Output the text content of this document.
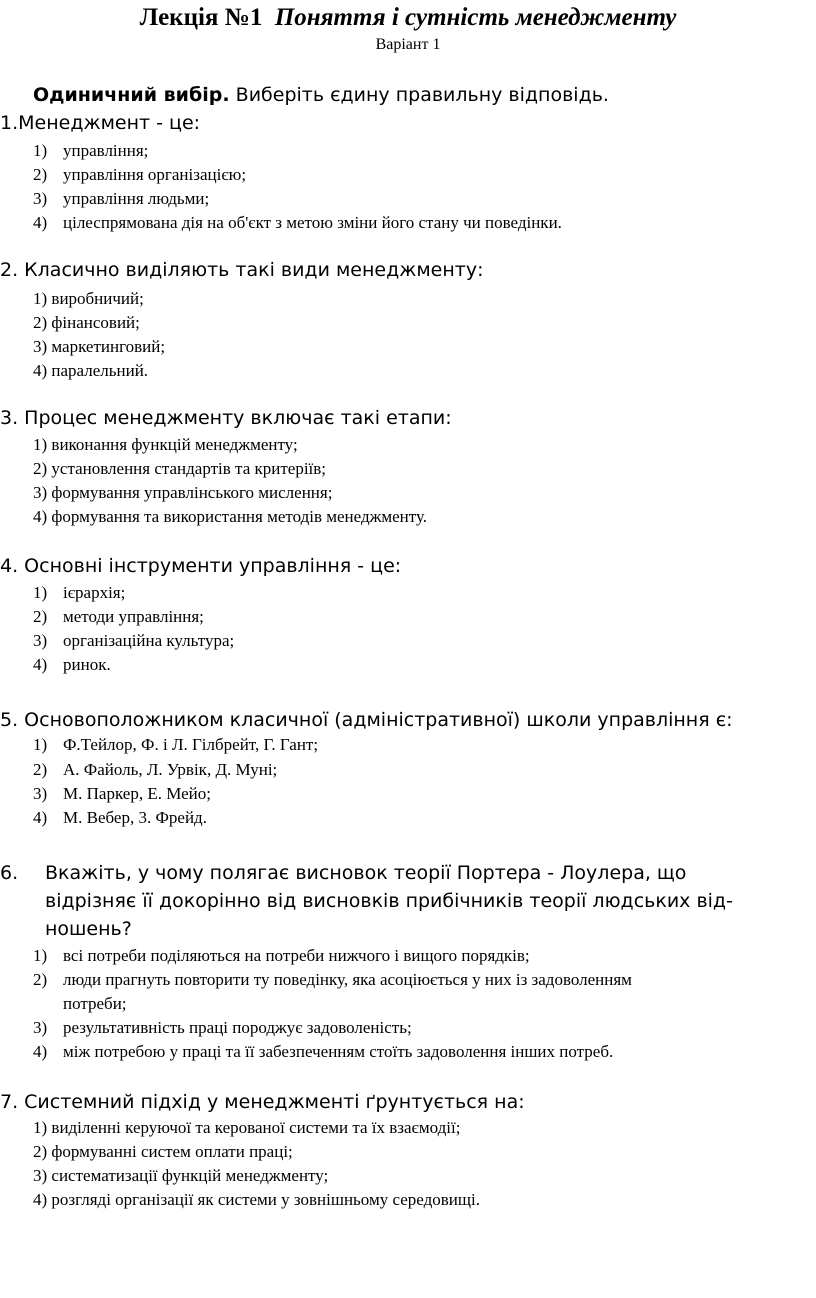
Лекція №1 Поняття і сутність менеджменту
Варіант 1
Одиничний вибір. Виберіть єдину правильну відповідь.
1.Менеджмент - це:
1) управління;
2) управління організацією;
3) управління людьми;
4) цілеспрямована дія на об'єкт з метою зміни його стану чи поведінки.
2. Класично виділяють такі види менеджменту:
1) виробничий;
2) фінансовий;
3) маркетинговий;
4) паралельний.
3. Процес менеджменту включає такі етапи:
1) виконання функцій менеджменту;
2) установлення стандартів та критеріїв;
3) формування управлінського мислення;
4) формування та використання методів менеджменту.
4. Основні інструменти управління - це:
1) ієрархія;
2) методи управління;
3) організаційна культура;
4) ринок.
5. Основоположником класичної (адміністративної) школи управління є:
1) Ф.Тейлор, Ф. і Л. Гілбрейт, Г. Гант;
2) А. Файоль, Л. Урвік, Д. Муні;
3) М. Паркер, Е. Мейо;
4) М. Вебер, 3. Фрейд.
6. Вкажіть, у чому полягає висновок теорії Портера - Лоулера, що
відрізняє її докорінно від висновків прибічників теорії людських від-
ношень?
1) всі потреби поділяються на потреби нижчого і вищого порядків;
2) люди прагнуть повторити ту поведінку, яка асоціюється у них із задоволенням
потреби;
3) результативність праці породжує задоволеність;
4) між потребою у праці та її забезпеченням стоїть задоволення інших потреб.
7. Системний підхід у менеджменті ґрунтується на:
1) виділенні керуючої та керованої системи та їх взаємодії;
2) формуванні систем оплати праці;
3) систематизації функцій менеджменту;
4) розгляді організації як системи у зовнішньому середовищі.
